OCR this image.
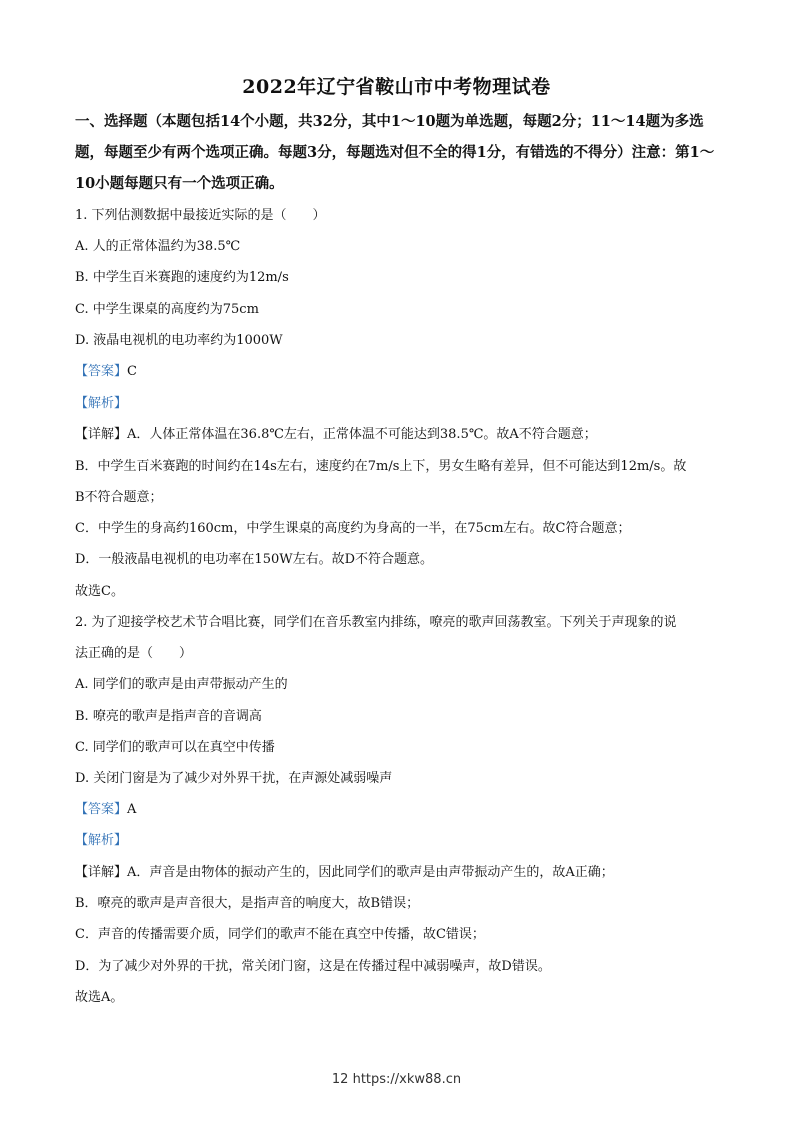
2022年辽宁省鞍山市中考物理试卷
一、选择题（本题包括14个小题，共32分，其中1～10题为单选题，每题2分；11～14题为多选题，每题至少有两个选项正确。每题3分，每题选对但不全的得1分，有错选的不得分）注意：第1～10小题每题只有一个选项正确。
1. 下列估测数据中最接近实际的是（　　）
A. 人的正常体温约为38.5℃
B. 中学生百米赛跑的速度约为12m/s
C. 中学生课桌的高度约为75cm
D. 液晶电视机的电功率约为1000W
【答案】C
【解析】
【详解】A．人体正常体温在36.8℃左右，正常体温不可能达到38.5℃。故A不符合题意；
B．中学生百米赛跑的时间约在14s左右，速度约在7m/s上下，男女生略有差异，但不可能达到12m/s。故
B不符合题意；
C．中学生的身高约160cm，中学生课桌的高度约为身高的一半，在75cm左右。故C符合题意；
D．一般液晶电视机的电功率在150W左右。故D不符合题意。
故选C。
2. 为了迎接学校艺术节合唱比赛，同学们在音乐教室内排练，嘹亮的歌声回荡教室。下列关于声现象的说
法正确的是（　　）
A. 同学们的歌声是由声带振动产生的
B. 嘹亮的歌声是指声音的音调高
C. 同学们的歌声可以在真空中传播
D. 关闭门窗是为了减少对外界干扰，在声源处减弱噪声
【答案】A
【解析】
【详解】A．声音是由物体的振动产生的，因此同学们的歌声是由声带振动产生的，故A正确；
B．嘹亮的歌声是声音很大，是指声音的响度大，故B错误；
C．声音的传播需要介质，同学们的歌声不能在真空中传播，故C错误；
D．为了减少对外界的干扰，常关闭门窗，这是在传播过程中减弱噪声，故D错误。
故选A。
12 https://xkw88.cn
